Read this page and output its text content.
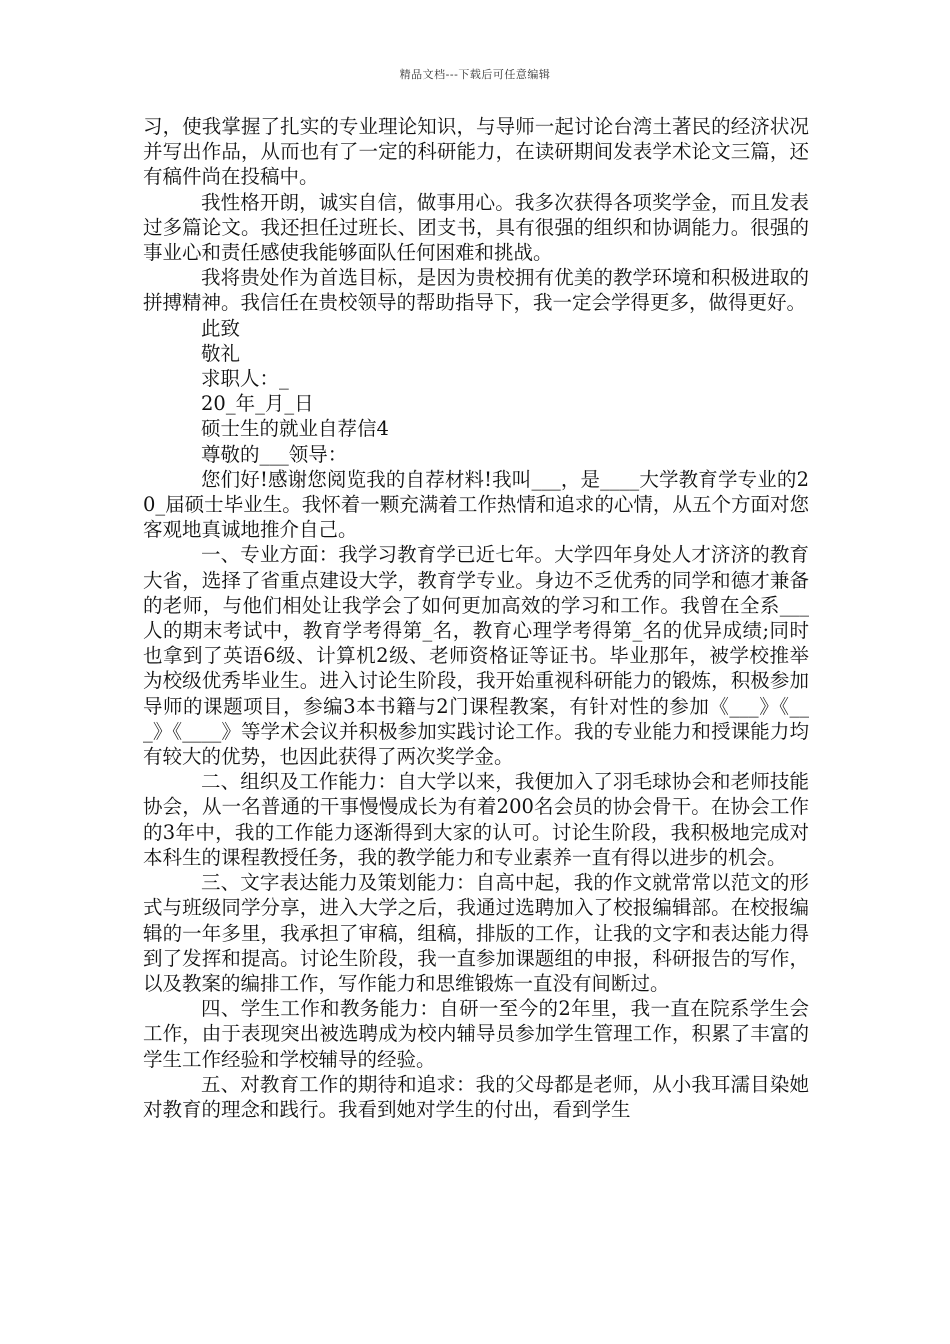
精品文档---下载后可任意编辑

习，使我掌握了扎实的专业理论知识，与导师一起讨论台湾土著民的经济状况并写出作品，从而也有了一定的科研能力，在读研期间发表学术论文三篇，还有稿件尚在投稿中。

我性格开朗，诚实自信，做事用心。我多次获得各项奖学金，而且发表过多篇论文。我还担任过班长、团支书，具有很强的组织和协调能力。很强的事业心和责任感使我能够面队任何困难和挑战。

我将贵处作为首选目标，是因为贵校拥有优美的教学环境和积极进取的拼搏精神。我信任在贵校领导的帮助指导下，我一定会学得更多，做得更好。

此致

敬礼

求职人：_

20_年_月_日

硕士生的就业自荐信4

尊敬的___领导：

您们好!感谢您阅览我的自荐材料!我叫___，是____大学教育学专业的20_届硕士毕业生。我怀着一颗充满着工作热情和追求的心情，从五个方面对您客观地真诚地推介自己。

一、专业方面：我学习教育学已近七年。大学四年身处人才济济的教育大省，选择了省重点建设大学，教育学专业。身边不乏优秀的同学和德才兼备的老师，与他们相处让我学会了如何更加高效的学习和工作。我曾在全系___人的期末考试中，教育学考得第_名，教育心理学考得第_名的优异成绩;同时也拿到了英语6级、计算机2级、老师资格证等证书。毕业那年，被学校推举为校级优秀毕业生。进入讨论生阶段，我开始重视科研能力的锻炼，积极参加导师的课题项目，参编3本书籍与2门课程教案，有针对性的参加《___》《___》《____》等学术会议并积极参加实践讨论工作。我的专业能力和授课能力均有较大的优势，也因此获得了两次奖学金。

二、组织及工作能力：自大学以来，我便加入了羽毛球协会和老师技能协会，从一名普通的干事慢慢成长为有着200名会员的协会骨干。在协会工作的3年中，我的工作能力逐渐得到大家的认可。讨论生阶段，我积极地完成对本科生的课程教授任务，我的教学能力和专业素养一直有得以进步的机会。

三、文字表达能力及策划能力：自高中起，我的作文就常常以范文的形式与班级同学分享，进入大学之后，我通过选聘加入了校报编辑部。在校报编辑的一年多里，我承担了审稿，组稿，排版的工作，让我的文字和表达能力得到了发挥和提高。讨论生阶段，我一直参加课题组的申报，科研报告的写作，以及教案的编排工作，写作能力和思维锻炼一直没有间断过。

四、学生工作和教务能力：自研一至今的2年里，我一直在院系学生会工作，由于表现突出被选聘成为校内辅导员参加学生管理工作，积累了丰富的学生工作经验和学校辅导的经验。

五、对教育工作的期待和追求：我的父母都是老师，从小我耳濡目染她对教育的理念和践行。我看到她对学生的付出，看到学生
